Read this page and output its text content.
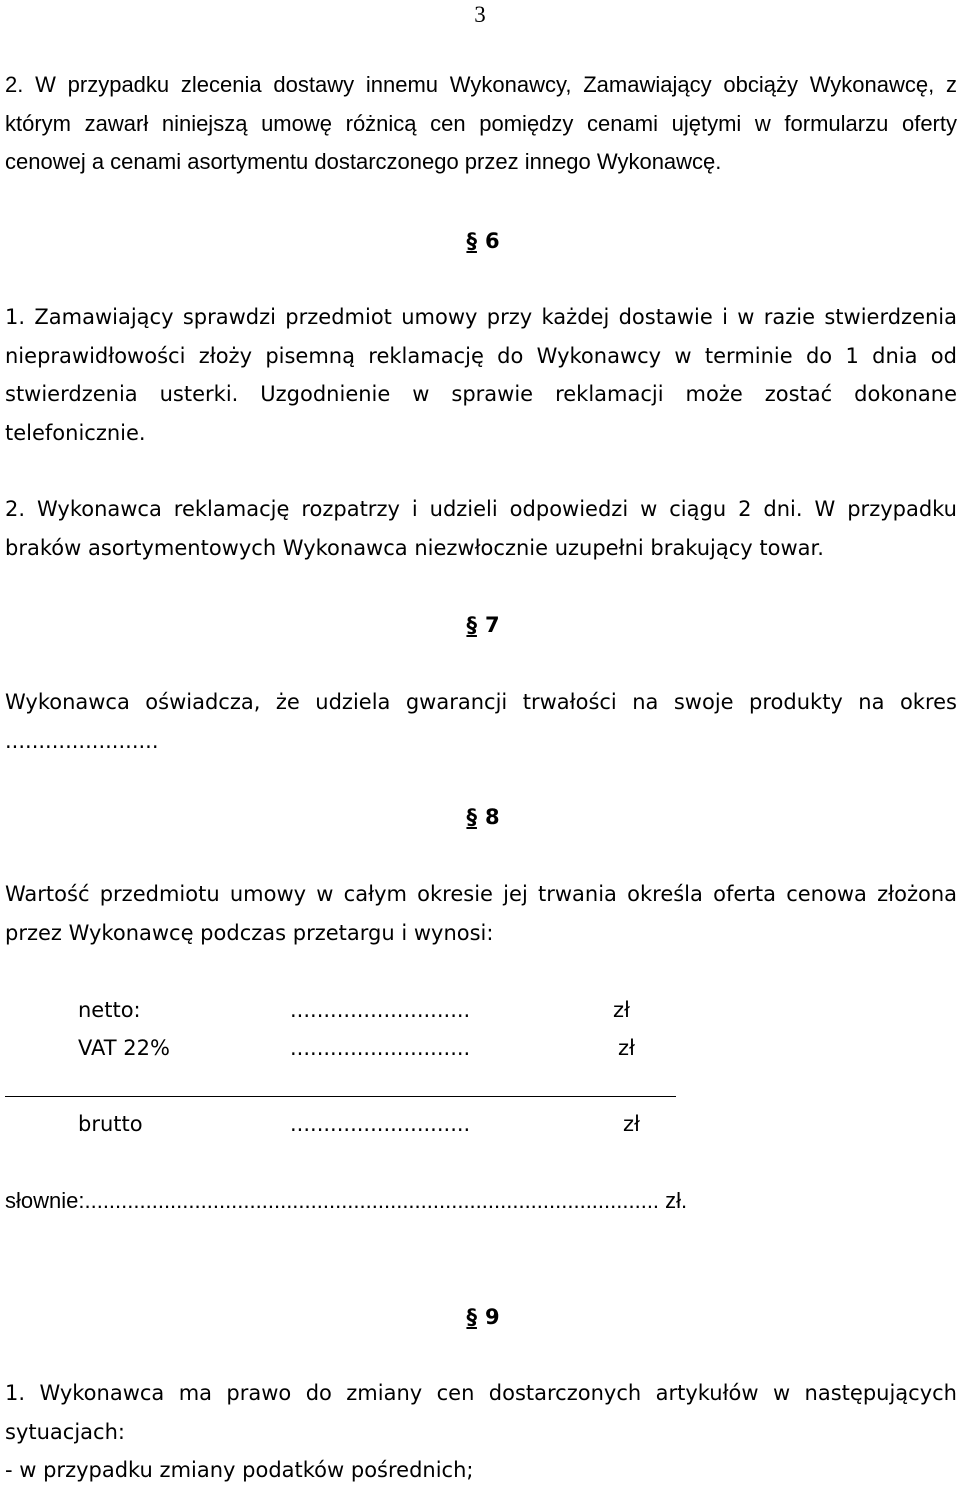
3

2. W przypadku zlecenia dostawy innemu Wykonawcy, Zamawiający obciąży Wykonawcę, z którym zawarł niniejszą umowę różnicą cen pomiędzy cenami ujętymi w formularzu oferty cenowej a cenami asortymentu dostarczonego przez innego Wykonawcę.

§ 6

1. Zamawiający sprawdzi przedmiot umowy przy każdej dostawie i w razie stwierdzenia nieprawidłowości złoży pisemną reklamację do Wykonawcy w terminie do 1 dnia od stwierdzenia usterki. Uzgodnienie w sprawie reklamacji może zostać dokonane telefonicznie.

2. Wykonawca reklamację rozpatrzy i udzieli odpowiedzi w ciągu 2 dni. W przypadku braków asortymentowych Wykonawca niezwłocznie uzupełni brakujący towar.

§ 7

Wykonawca oświadcza, że udziela gwarancji trwałości na swoje produkty na okres .......................

§ 8

Wartość przedmiotu umowy w całym okresie jej trwania określa oferta cenowa złożona przez Wykonawcę podczas przetargu i wynosi:

netto:	...........................	zł
VAT 22%	...........................	zł
brutto	...........................	zł
słownie:.............................................................................................. zł.
§ 9

1. Wykonawca ma prawo do zmiany cen dostarczonych artykułów w następujących sytuacjach:

- w przypadku zmiany podatków pośrednich;
